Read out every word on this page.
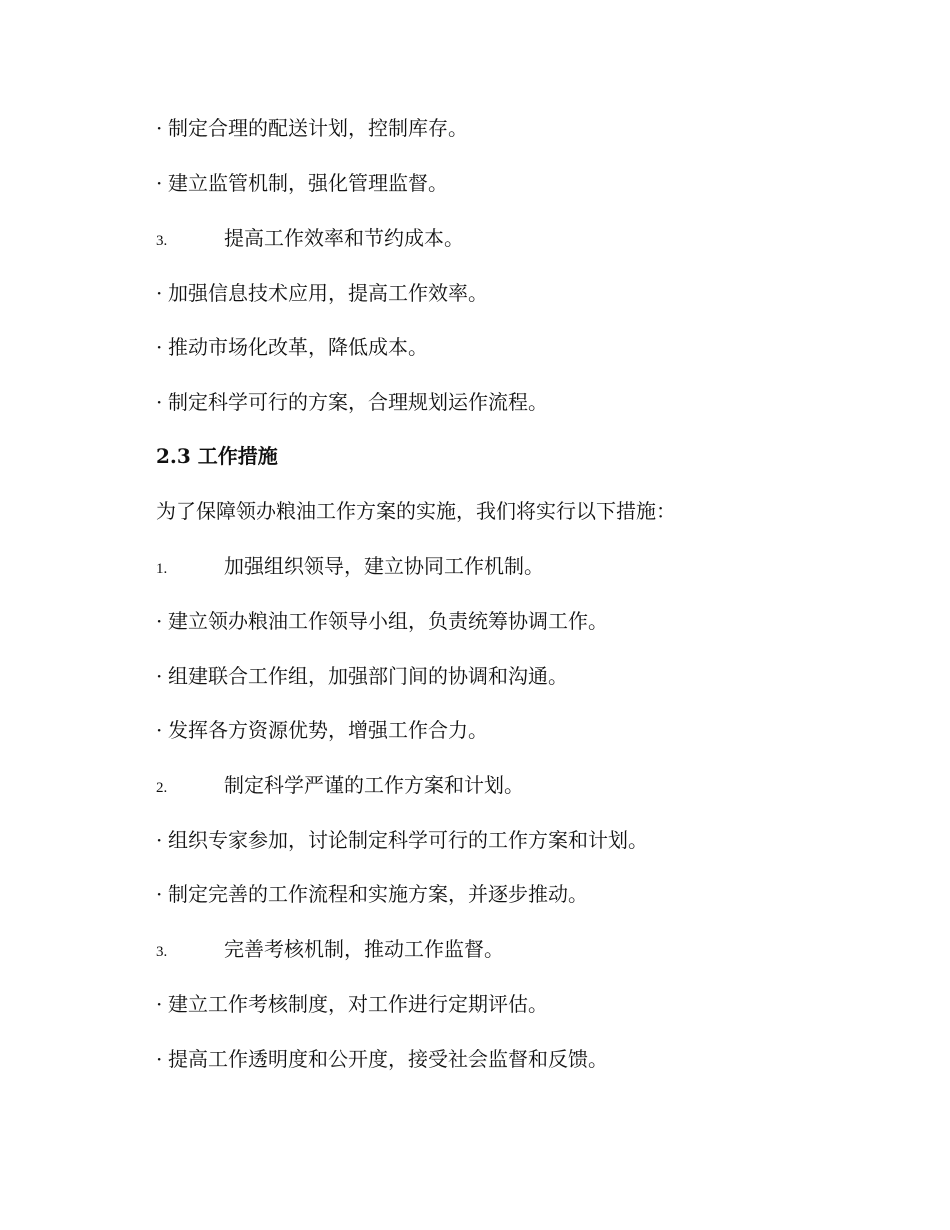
· 制定合理的配送计划，控制库存。
· 建立监管机制，强化管理监督。
3.	提高工作效率和节约成本。
· 加强信息技术应用，提高工作效率。
· 推动市场化改革，降低成本。
· 制定科学可行的方案，合理规划运作流程。
2.3 工作措施
为了保障领办粮油工作方案的实施，我们将实行以下措施：
1.	加强组织领导，建立协同工作机制。
· 建立领办粮油工作领导小组，负责统筹协调工作。
· 组建联合工作组，加强部门间的协调和沟通。
· 发挥各方资源优势，增强工作合力。
2.	制定科学严谨的工作方案和计划。
· 组织专家参加，讨论制定科学可行的工作方案和计划。
· 制定完善的工作流程和实施方案，并逐步推动。
3.	完善考核机制，推动工作监督。
· 建立工作考核制度，对工作进行定期评估。
· 提高工作透明度和公开度，接受社会监督和反馈。
